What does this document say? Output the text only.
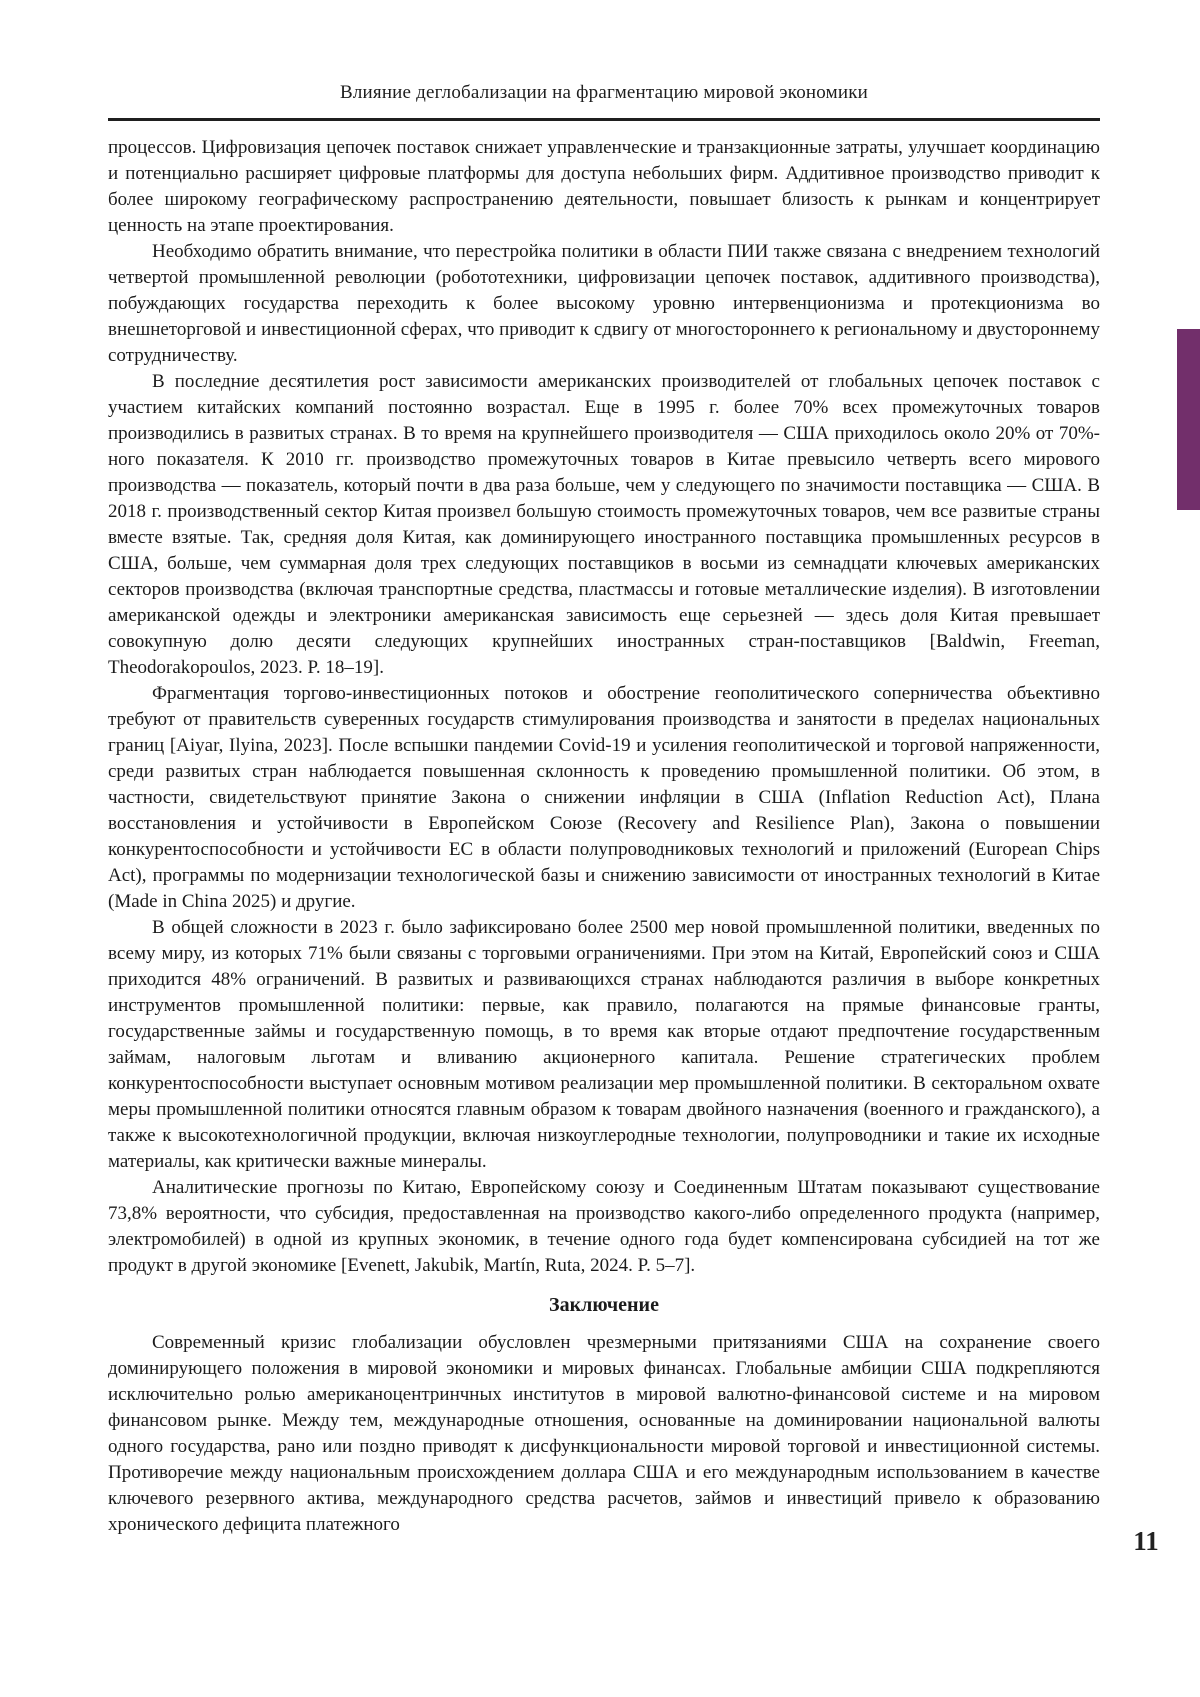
Влияние деглобализации на фрагментацию мировой экономики

процессов. Цифровизация цепочек поставок снижает управленческие и транзакционные затраты, улучшает координацию и потенциально расширяет цифровые платформы для доступа небольших фирм. Аддитивное производство приводит к более широкому географическому распространению деятельности, повышает близость к рынкам и концентрирует ценность на этапе проектирования.

Необходимо обратить внимание, что перестройка политики в области ПИИ также связана с внедрением технологий четвертой промышленной революции (робототехники, цифровизации цепочек поставок, аддитивного производства), побуждающих государства переходить к более высокому уровню интервенционизма и протекционизма во внешнеторговой и инвестиционной сферах, что приводит к сдвигу от многостороннего к региональному и двустороннему сотрудничеству.

В последние десятилетия рост зависимости американских производителей от глобальных цепочек поставок с участием китайских компаний постоянно возрастал. Еще в 1995 г. более 70% всех промежуточных товаров производились в развитых странах. В то время на крупнейшего производителя — США приходилось около 20% от 70%-ного показателя. К 2010 гг. производство промежуточных товаров в Китае превысило четверть всего мирового производства — показатель, который почти в два раза больше, чем у следующего по значимости поставщика — США. В 2018 г. производственный сектор Китая произвел большую стоимость промежуточных товаров, чем все развитые страны вместе взятые. Так, средняя доля Китая, как доминирующего иностранного поставщика промышленных ресурсов в США, больше, чем суммарная доля трех следующих поставщиков в восьми из семнадцати ключевых американских секторов производства (включая транспортные средства, пластмассы и готовые металлические изделия). В изготовлении американской одежды и электроники американская зависимость еще серьезней — здесь доля Китая превышает совокупную долю десяти следующих крупнейших иностранных стран-поставщиков [Baldwin, Freeman, Theodorakopoulos, 2023. P. 18–19].

Фрагментация торгово-инвестиционных потоков и обострение геополитического соперничества объективно требуют от правительств суверенных государств стимулирования производства и занятости в пределах национальных границ [Aiyar, Ilyina, 2023]. После вспышки пандемии Covid-19 и усиления геополитической и торговой напряженности, среди развитых стран наблюдается повышенная склонность к проведению промышленной политики. Об этом, в частности, свидетельствуют принятие Закона о снижении инфляции в США (Inflation Reduction Act), Плана восстановления и устойчивости в Европейском Союзе (Recovery and Resilience Plan), Закона о повышении конкурентоспособности и устойчивости ЕС в области полупроводниковых технологий и приложений (European Chips Act), программы по модернизации технологической базы и снижению зависимости от иностранных технологий в Китае (Made in China 2025) и другие.

В общей сложности в 2023 г. было зафиксировано более 2500 мер новой промышленной политики, введенных по всему миру, из которых 71% были связаны с торговыми ограничениями. При этом на Китай, Европейский союз и США приходится 48% ограничений. В развитых и развивающихся странах наблюдаются различия в выборе конкретных инструментов промышленной политики: первые, как правило, полагаются на прямые финансовые гранты, государственные займы и государственную помощь, в то время как вторые отдают предпочтение государственным займам, налоговым льготам и вливанию акционерного капитала. Решение стратегических проблем конкурентоспособности выступает основным мотивом реализации мер промышленной политики. В секторальном охвате меры промышленной политики относятся главным образом к товарам двойного назначения (военного и гражданского), а также к высокотехнологичной продукции, включая низкоуглеродные технологии, полупроводники и такие их исходные материалы, как критически важные минералы.

Аналитические прогнозы по Китаю, Европейскому союзу и Соединенным Штатам показывают существование 73,8% вероятности, что субсидия, предоставленная на производство какого-либо определенного продукта (например, электромобилей) в одной из крупных экономик, в течение одного года будет компенсирована субсидией на тот же продукт в другой экономике [Evenett, Jakubik, Martín, Ruta, 2024. P. 5–7].

Заключение

Современный кризис глобализации обусловлен чрезмерными притязаниями США на сохранение своего доминирующего положения в мировой экономики и мировых финансах. Глобальные амбиции США подкрепляются исключительно ролью американоцентринчных институтов в мировой валютно-финансовой системе и на мировом финансовом рынке. Между тем, международные отношения, основанные на доминировании национальной валюты одного государства, рано или поздно приводят к дисфункциональности мировой торговой и инвестиционной системы. Противоречие между национальным происхождением доллара США и его международным использованием в качестве ключевого резервного актива, международного средства расчетов, займов и инвестиций привело к образованию хронического дефицита платежного

11
